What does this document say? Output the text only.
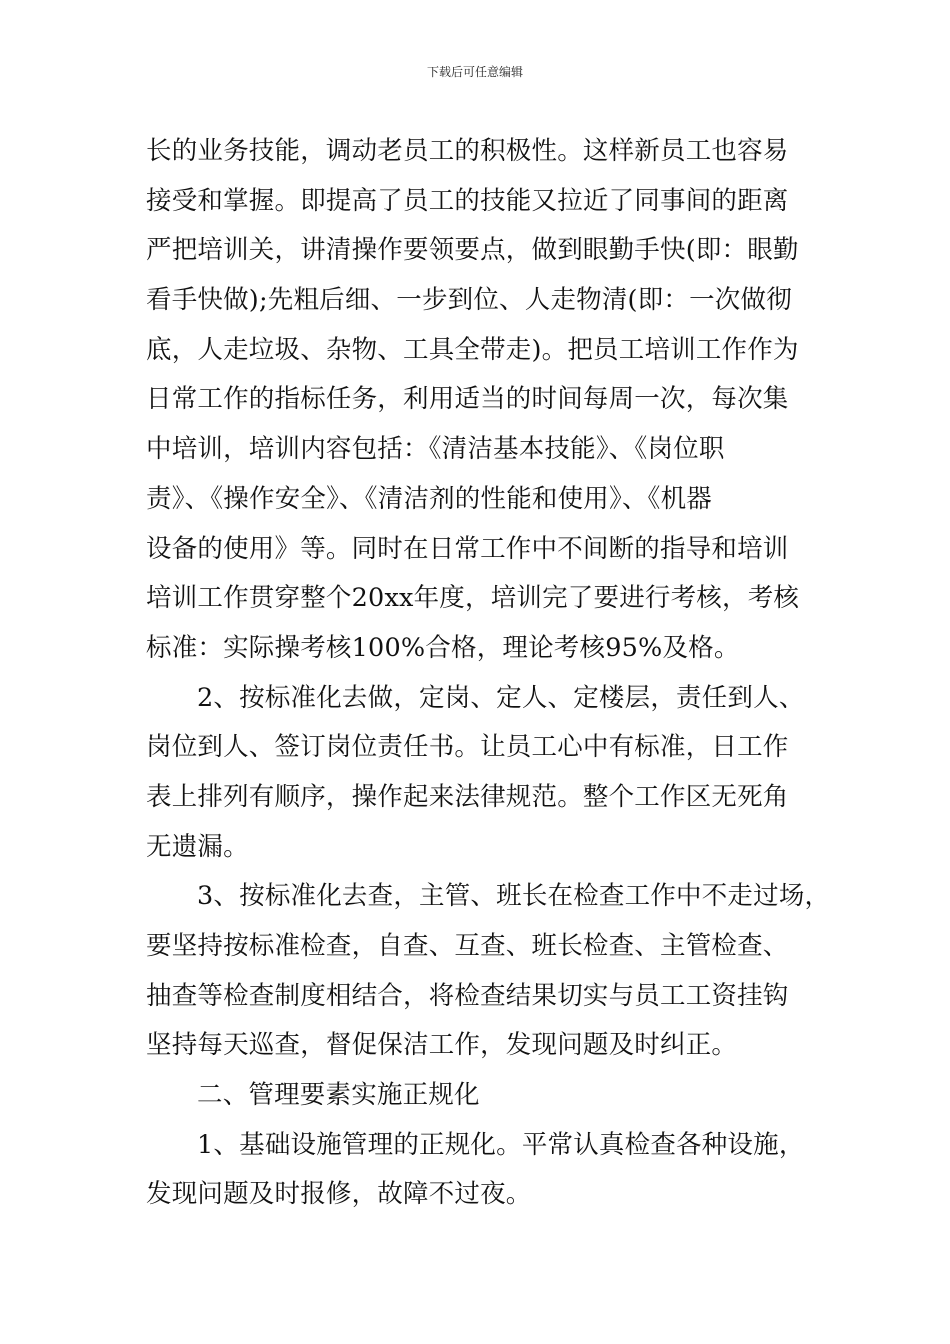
下载后可任意编辑
长的业务技能，调动老员工的积极性。这样新员工也容易
接受和掌握。即提高了员工的技能又拉近了同事间的距离
严把培训关，讲清操作要领要点，做到眼勤手快(即：眼勤
看手快做);先粗后细、一步到位、人走物清(即：一次做彻
底，人走垃圾、杂物、工具全带走)。把员工培训工作作为
日常工作的指标任务，利用适当的时间每周一次，每次集
中培训，培训内容包括：《清洁基本技能》、《岗位职
责》、《操作安全》、《清洁剂的性能和使用》、《机器
设备的使用》等。同时在日常工作中不间断的指导和培训
培训工作贯穿整个20xx年度，培训完了要进行考核，考核
标准：实际操考核100%合格，理论考核95%及格。
2、按标准化去做，定岗、定人、定楼层，责任到人、
岗位到人、签订岗位责任书。让员工心中有标准，日工作
表上排列有顺序，操作起来法律规范。整个工作区无死角
无遗漏。
3、按标准化去查，主管、班长在检查工作中不走过场，
要坚持按标准检查，自查、互查、班长检查、主管检查、
抽查等检查制度相结合，将检查结果切实与员工工资挂钩
坚持每天巡查，督促保洁工作，发现问题及时纠正。
二、管理要素实施正规化
1、基础设施管理的正规化。平常认真检查各种设施，
发现问题及时报修，故障不过夜。
